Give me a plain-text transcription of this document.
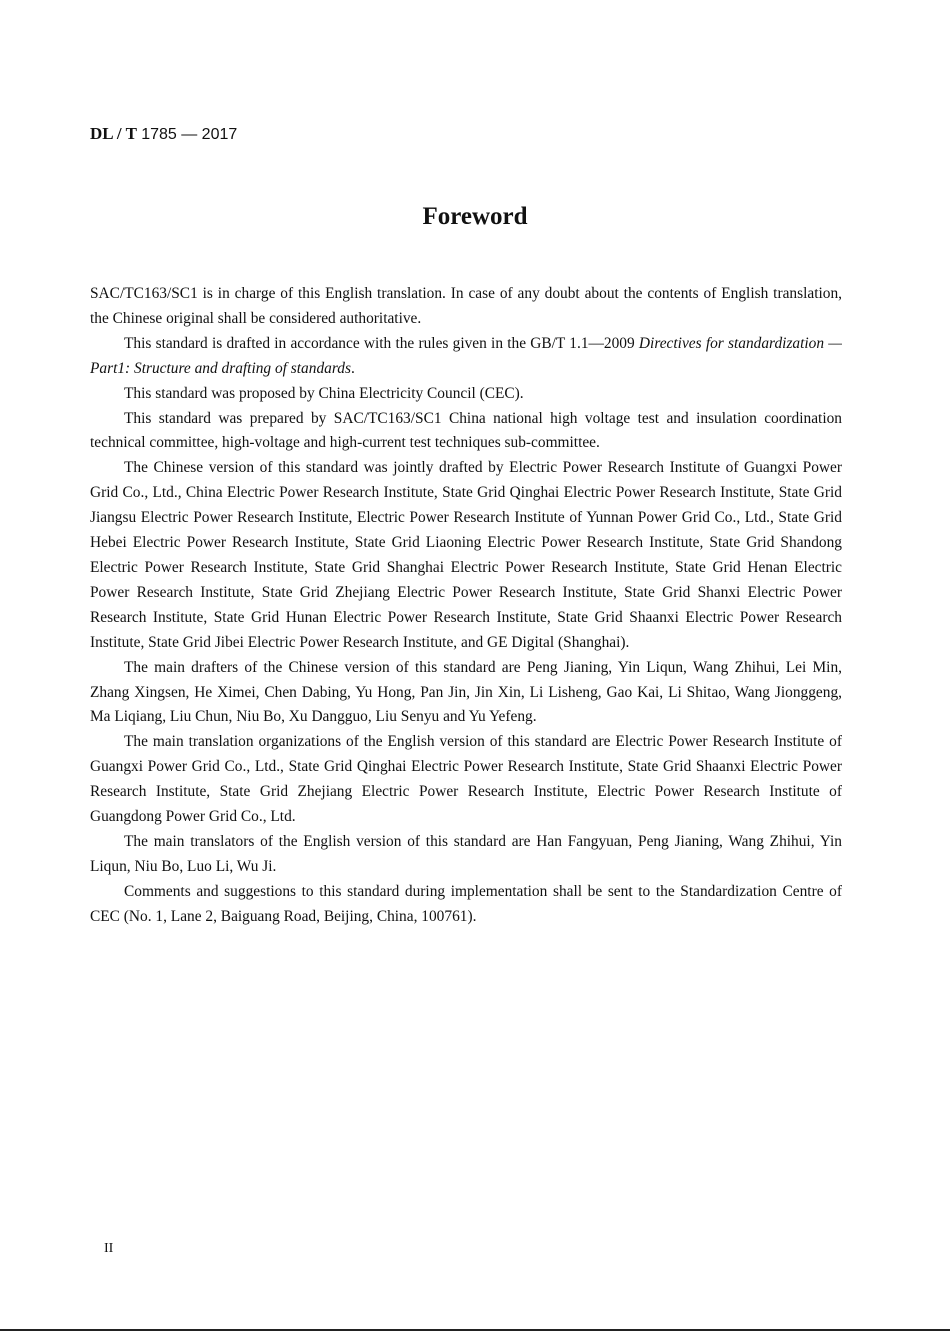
DL / T 1785 — 2017
Foreword

SAC/TC163/SC1 is in charge of this English translation. In case of any doubt about the contents of English translation, the Chinese original shall be considered authoritative.

This standard is drafted in accordance with the rules given in the GB/T 1.1—2009 Directives for standardization —Part1: Structure and drafting of standards.

This standard was proposed by China Electricity Council (CEC).

This standard was prepared by SAC/TC163/SC1 China national high voltage test and insulation coordination technical committee, high-voltage and high-current test techniques sub-committee.

The Chinese version of this standard was jointly drafted by Electric Power Research Institute of Guangxi Power Grid Co., Ltd., China Electric Power Research Institute, State Grid Qinghai Electric Power Research Institute, State Grid Jiangsu Electric Power Research Institute, Electric Power Research Institute of Yunnan Power Grid Co., Ltd., State Grid Hebei Electric Power Research Institute, State Grid Liaoning Electric Power Research Institute, State Grid Shandong Electric Power Research Institute, State Grid Shanghai Electric Power Research Institute, State Grid Henan Electric Power Research Institute, State Grid Zhejiang Electric Power Research Institute, State Grid Shanxi Electric Power Research Institute, State Grid Hunan Electric Power Research Institute, State Grid Shaanxi Electric Power Research Institute, State Grid Jibei Electric Power Research Institute, and GE Digital (Shanghai).

The main drafters of the Chinese version of this standard are Peng Jianing, Yin Liqun, Wang Zhihui, Lei Min, Zhang Xingsen, He Ximei, Chen Dabing, Yu Hong, Pan Jin, Jin Xin, Li Lisheng, Gao Kai, Li Shitao, Wang Jionggeng, Ma Liqiang, Liu Chun, Niu Bo, Xu Dangguo, Liu Senyu and Yu Yefeng.

The main translation organizations of the English version of this standard are Electric Power Research Institute of Guangxi Power Grid Co., Ltd., State Grid Qinghai Electric Power Research Institute, State Grid Shaanxi Electric Power Research Institute, State Grid Zhejiang Electric Power Research Institute, Electric Power Research Institute of Guangdong Power Grid Co., Ltd.

The main translators of the English version of this standard are Han Fangyuan, Peng Jianing, Wang Zhihui, Yin Liqun, Niu Bo, Luo Li, Wu Ji.

Comments and suggestions to this standard during implementation shall be sent to the Standardization Centre of CEC (No. 1, Lane 2, Baiguang Road, Beijing, China, 100761).

II
